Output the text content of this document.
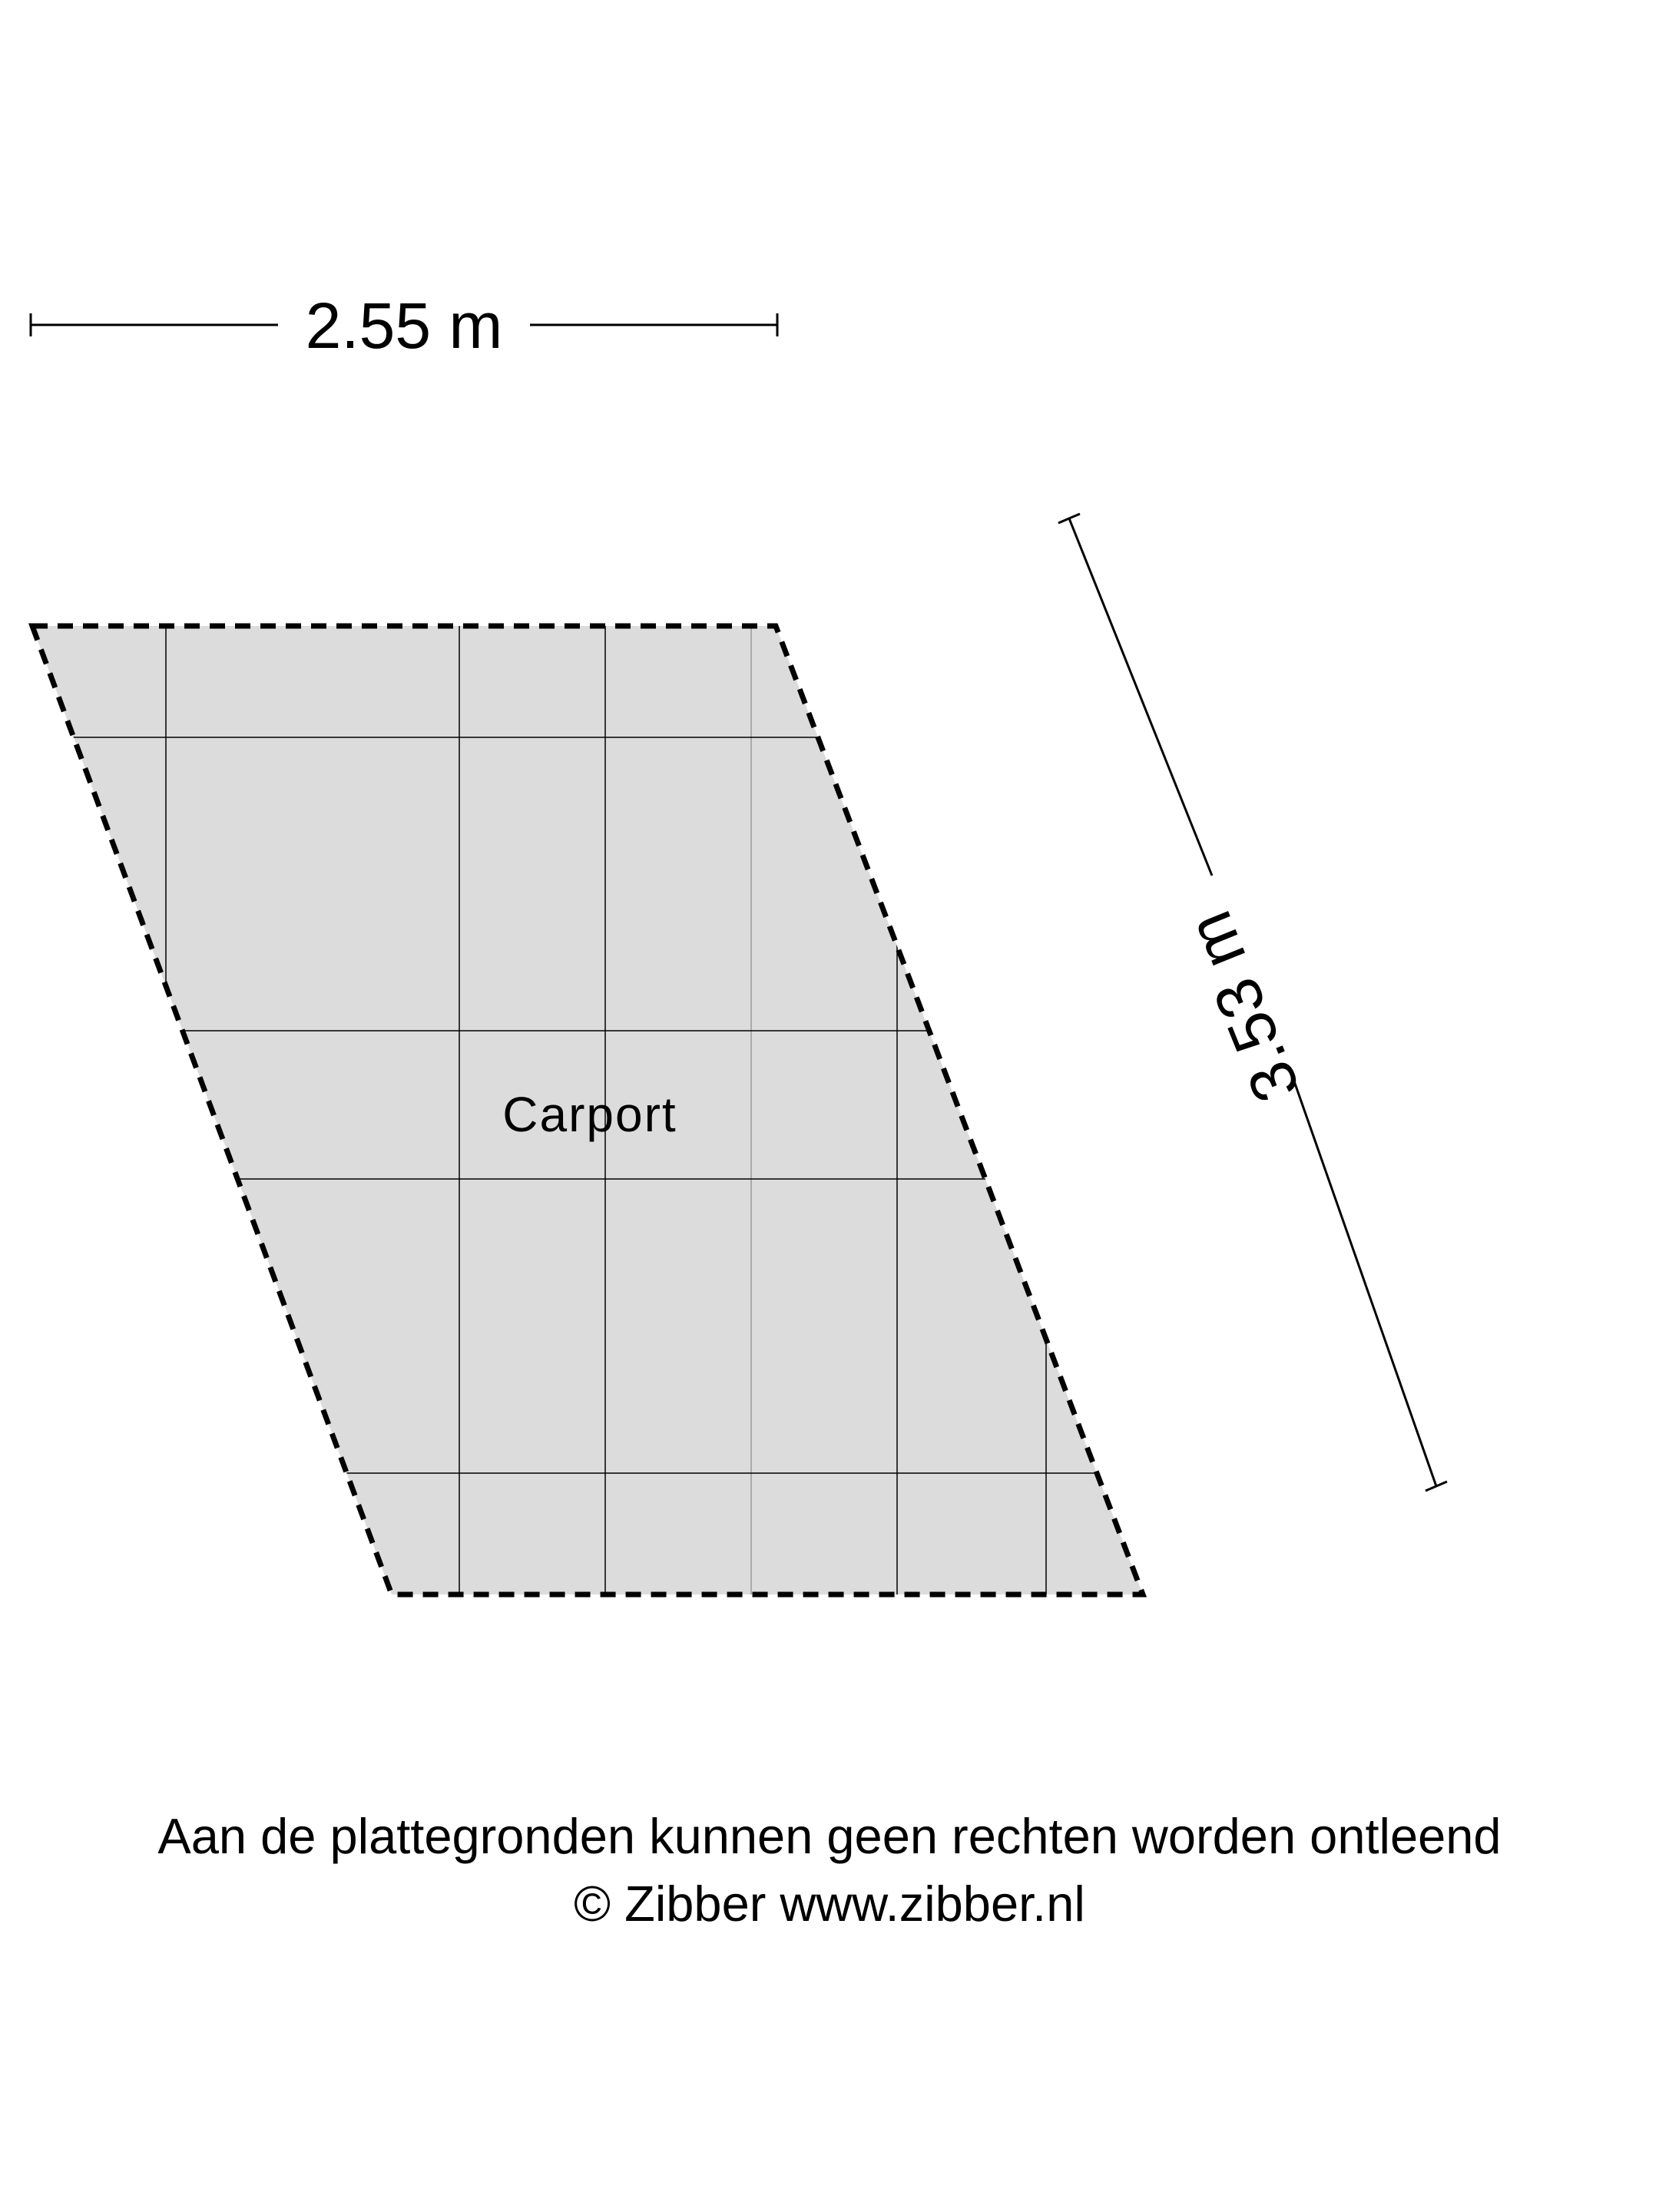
Carport
2.55 m
3.53 m
Aan de plattegronden kunnen geen rechten worden ontleend
© Zibber www.zibber.nl
